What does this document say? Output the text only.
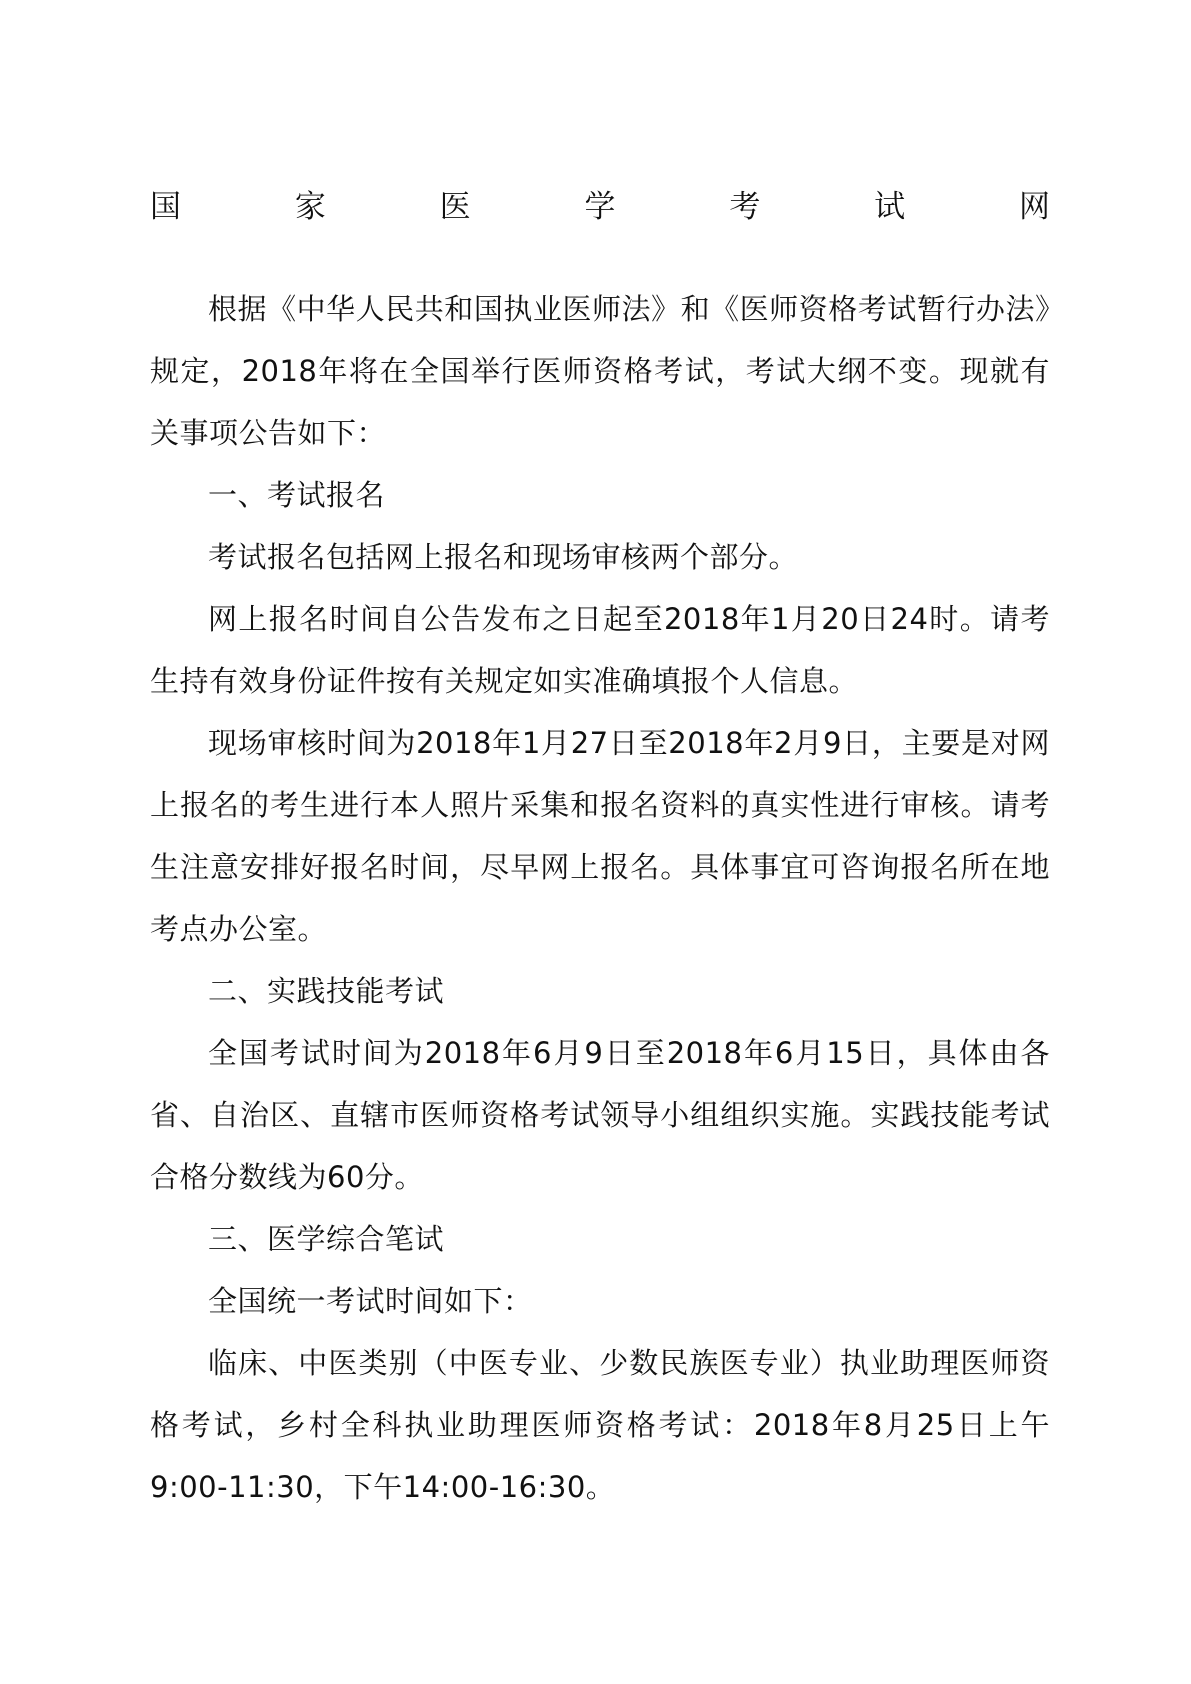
国	家	医	学	考	试	网

根据《中华人民共和国执业医师法》和《医师资格考试暂行办法》规定，2018年将在全国举行医师资格考试，考试大纲不变。现就有关事项公告如下：

一、考试报名

考试报名包括网上报名和现场审核两个部分。

网上报名时间自公告发布之日起至2018年1月20日24时。请考生持有效身份证件按有关规定如实准确填报个人信息。

现场审核时间为2018年1月27日至2018年2月9日，主要是对网上报名的考生进行本人照片采集和报名资料的真实性进行审核。请考生注意安排好报名时间，尽早网上报名。具体事宜可咨询报名所在地考点办公室。

二、实践技能考试

全国考试时间为2018年6月9日至2018年6月15日，具体由各省、自治区、直辖市医师资格考试领导小组组织实施。实践技能考试合格分数线为60分。

三、医学综合笔试

全国统一考试时间如下：

临床、中医类别（中医专业、少数民族医专业）执业助理医师资格考试，乡村全科执业助理医师资格考试：2018年8月25日上午9:00-11:30，下午14:00-16:30。
